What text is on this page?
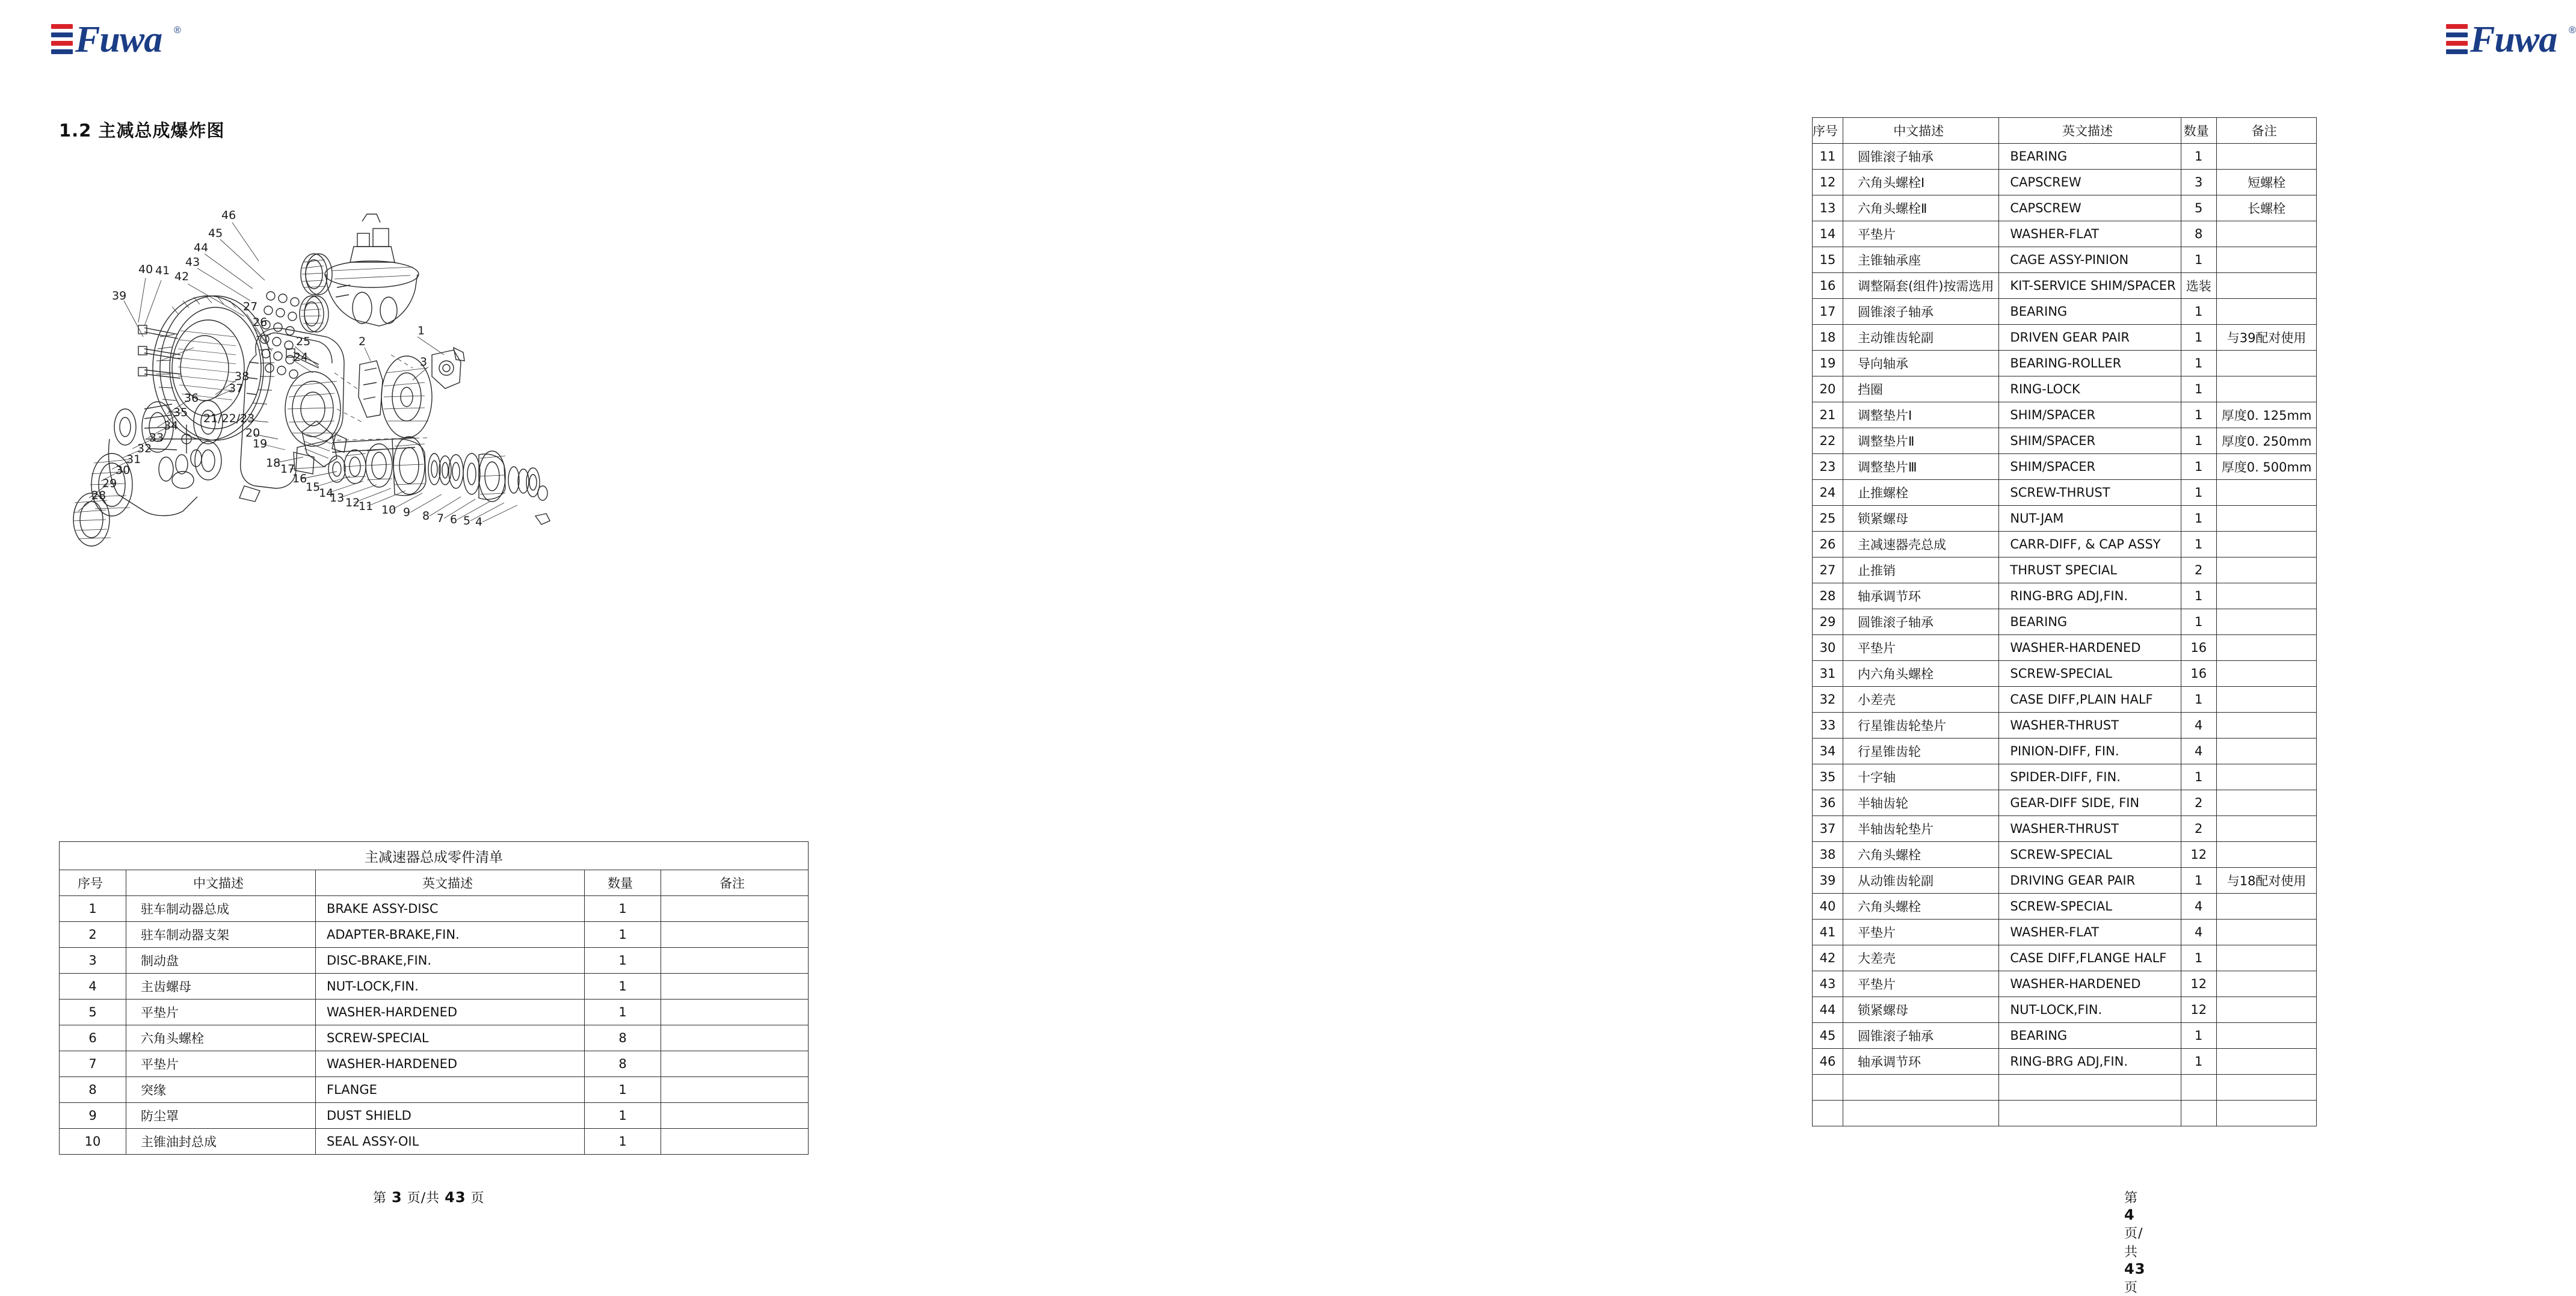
Fuwa ®
1.2 主减总成爆炸图
46
45
44
43
42
41
40
39
27
26
25
24
38
37
36
35
34
33
32
31
30
29
28
21/22/23
20
19
18 17
16
15
14
13 12
11 10 9 8 7 6 5 4
3
2
1
主减速器总成零件清单				
序号	中文描述	英文描述	数量	备注
1	驻车制动器总成	BRAKE ASSY-DISC	1	
2	驻车制动器支架	ADAPTER-BRAKE,FIN.	1	
3	制动盘	DISC-BRAKE,FIN.	1	
4	主齿螺母	NUT-LOCK,FIN.	1	
5	平垫片	WASHER-HARDENED	1	
6	六角头螺栓	SCREW-SPECIAL	8	
7	平垫片	WASHER-HARDENED	8	
8	突缘	FLANGE	1	
9	防尘罩	DUST SHIELD	1	
10	主锥油封总成	SEAL ASSY-OIL	1	
第 3 页/共 43 页
Fuwa ®
序号	中文描述	英文描述	数量	备注
11	圆锥滚子轴承	BEARING	1	
12	六角头螺栓Ⅰ	CAPSCREW	3	短螺栓
13	六角头螺栓Ⅱ	CAPSCREW	5	长螺栓
14	平垫片	WASHER-FLAT	8	
15	主锥轴承座	CAGE ASSY-PINION	1	
16	调整隔套(组件)按需选用	KIT-SERVICE SHIM/SPACER	选装	
17	圆锥滚子轴承	BEARING	1	
18	主动锥齿轮副	DRIVEN GEAR PAIR	1	与39配对使用
19	导向轴承	BEARING-ROLLER	1	
20	挡圈	RING-LOCK	1	
21	调整垫片Ⅰ	SHIM/SPACER	1	厚度0. 125mm
22	调整垫片Ⅱ	SHIM/SPACER	1	厚度0. 250mm
23	调整垫片Ⅲ	SHIM/SPACER	1	厚度0. 500mm
24	止推螺栓	SCREW-THRUST	1	
25	锁紧螺母	NUT-JAM	1	
26	主减速器壳总成	CARR-DIFF, & CAP ASSY	1	
27	止推销	THRUST SPECIAL	2	
28	轴承调节环	RING-BRG ADJ,FIN.	1	
29	圆锥滚子轴承	BEARING	1	
30	平垫片	WASHER-HARDENED	16	
31	内六角头螺栓	SCREW-SPECIAL	16	
32	小差壳	CASE DIFF,PLAIN HALF	1	
33	行星锥齿轮垫片	WASHER-THRUST	4	
34	行星锥齿轮	PINION-DIFF, FIN.	4	
35	十字轴	SPIDER-DIFF, FIN.	1	
36	半轴齿轮	GEAR-DIFF SIDE, FIN	2	
37	半轴齿轮垫片	WASHER-THRUST	2	
38	六角头螺栓	SCREW-SPECIAL	12	
39	从动锥齿轮副	DRIVING GEAR PAIR	1	与18配对使用
40	六角头螺栓	SCREW-SPECIAL	4	
41	平垫片	WASHER-FLAT	4	
42	大差壳	CASE DIFF,FLANGE HALF	1	
43	平垫片	WASHER-HARDENED	12	
44	锁紧螺母	NUT-LOCK,FIN.	12	
45	圆锥滚子轴承	BEARING	1	
46	轴承调节环	RING-BRG ADJ,FIN.	1	

第 4 页/共 43 页
